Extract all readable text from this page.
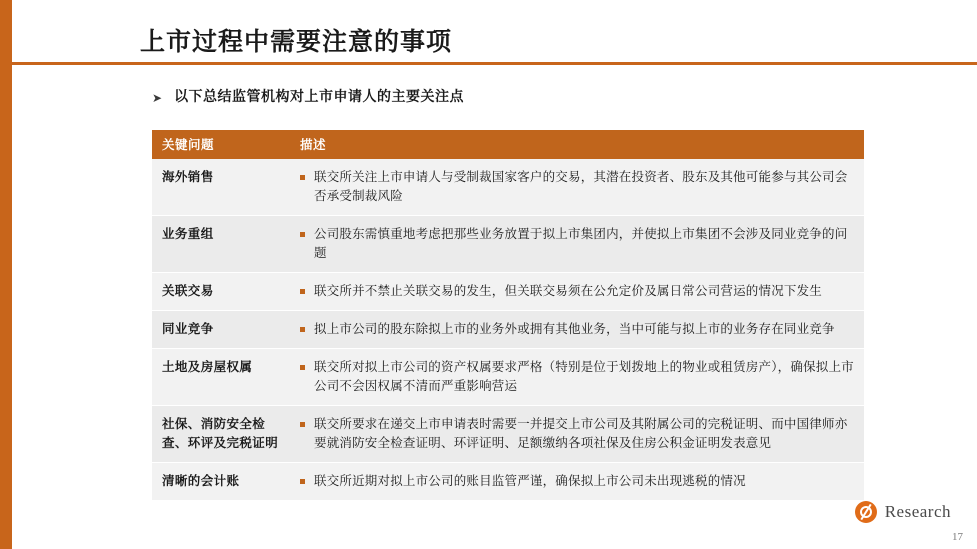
上市过程中需要注意的事项
➤ 以下总结监管机构对上市申请人的主要关注点
关键问题	描述
海外销售	联交所关注上市申请人与受制裁国家客户的交易，其潜在投资者、股东及其他可能参与其公司会否承受制裁风险

业务重组	公司股东需慎重地考虑把那些业务放置于拟上市集团内，并使拟上市集团不会涉及同业竞争的问题

关联交易	联交所并不禁止关联交易的发生，但关联交易须在公允定价及属日常公司营运的情况下发生

同业竞争	拟上市公司的股东除拟上市的业务外或拥有其他业务，当中可能与拟上市的业务存在同业竞争

土地及房屋权属	联交所对拟上市公司的资产权属要求严格（特别是位于划拨地上的物业或租赁房产），确保拟上市公司不会因权属不清而严重影响营运

社保、消防安全检查、环评及完税证明	联交所要求在递交上市申请表时需要一并提交上市公司及其附属公司的完税证明、而中国律师亦要就消防安全检查证明、环评证明、足额缴纳各项社保及住房公积金证明发表意见

清晰的会计账	联交所近期对拟上市公司的账目监管严谨，确保拟上市公司未出现逃税的情况
Research
17
